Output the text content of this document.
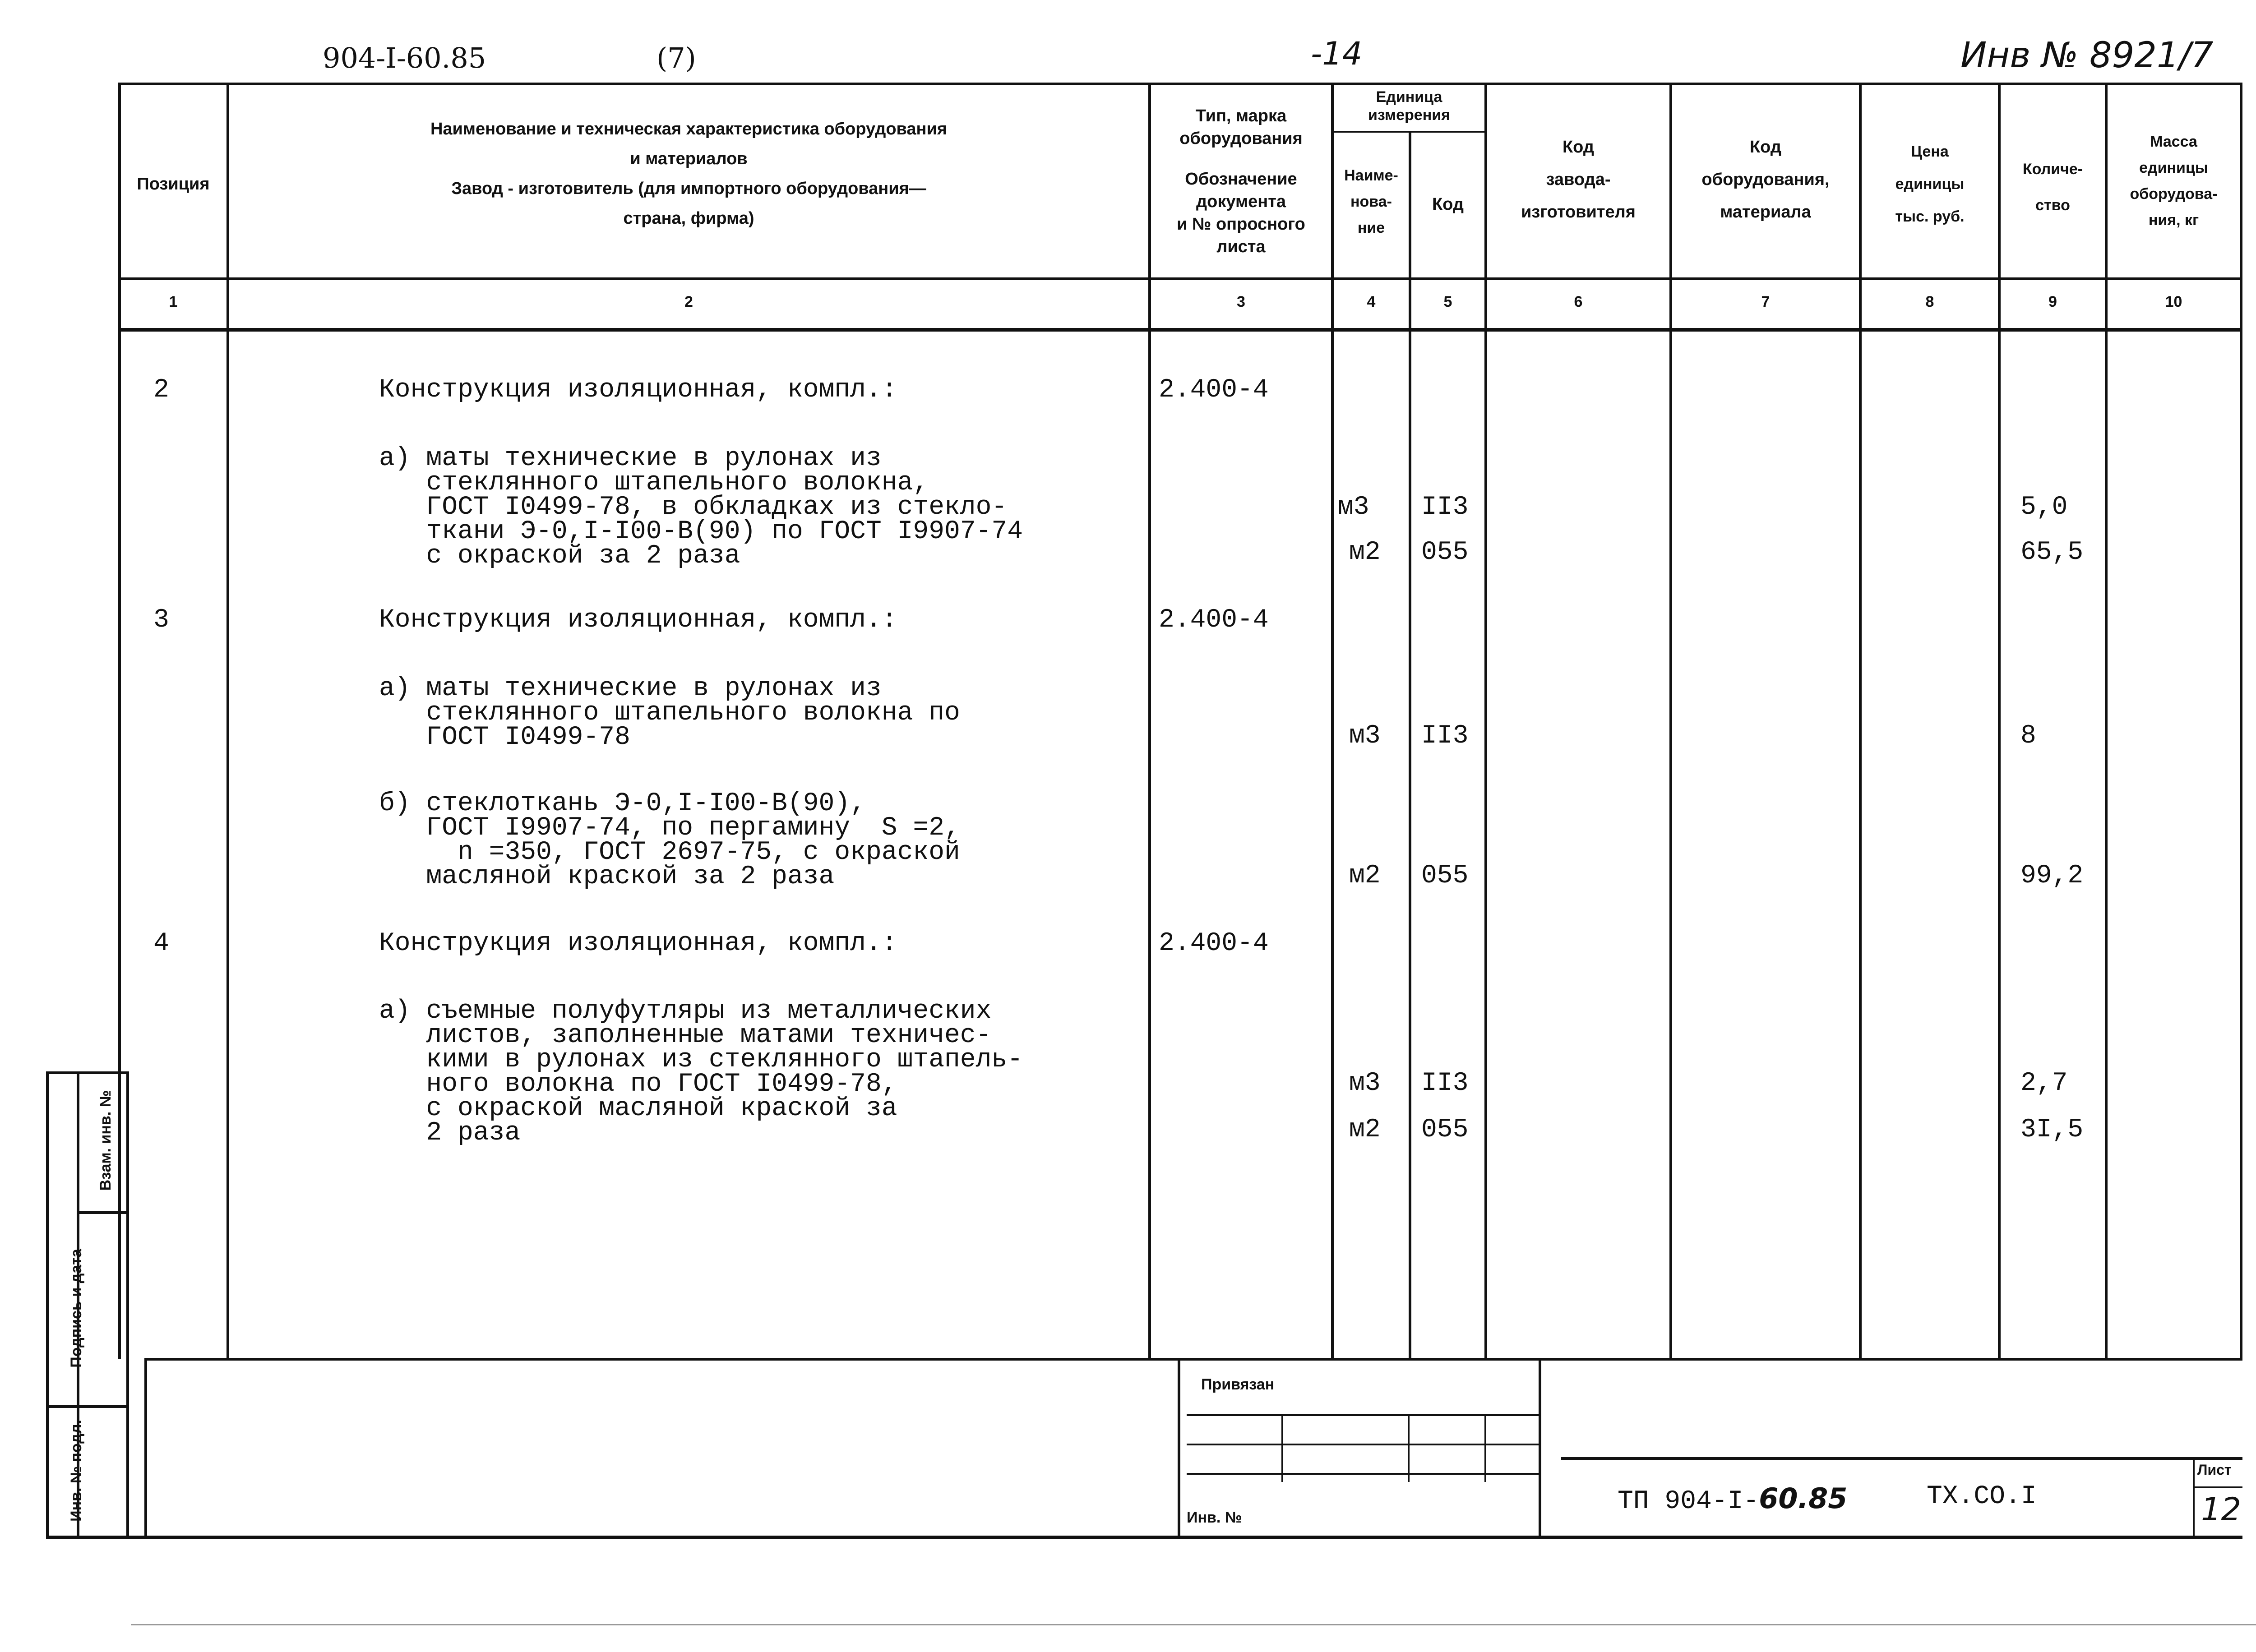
904-I-60.85	(7)	-14	Инв № 8921/7
Позиция
Наименование и техническая характеристика оборудования
и материалов
Завод - изготовитель (для импортного оборудования—
страна, фирма)
Тип, марка
оборудования
Обозначение
документа
и № опросного
листа
Единица
измерения
Наиме-
нова-
ние
Код
Код
завода-
изготовителя
Код
оборудования,
материала
Цена
единицы
тыс. руб.
Количе-
ство
Масса
единицы
оборудова-
ния, кг
1	2	3	4	5	6	7	8	9	10
2	Конструкция изоляционная, компл.:	2.400-4
а) маты технические в рулонах из
стеклянного штапельного волокна,
ГОСТ I0499-78, в обкладках из стекло-
ткани Э-0,I-I00-В(90) по ГОСТ I9907-74
с окраской за 2 раза
м3 II3	5,0
м2 055	65,5
3	Конструкция изоляционная, компл.:	2.400-4
а) маты технические в рулонах из
стеклянного штапельного волокна по
ГОСТ I0499-78	м3 II3	8
б) стеклоткань Э-0,I-I00-В(90),
ГОСТ I9907-74, по пергамину  S =2,
n =350, ГОСТ 2697-75, с окраской
масляной краской за 2 раза	м2 055	99,2
4	Конструкция изоляционная, компл.:	2.400-4
а) съемные полуфутляры из металлических
листов, заполненные матами техничес-
кими в рулонах из стеклянного штапель-
ного волокна по ГОСТ I0499-78,
с окраской масляной краской за
2 раза
м3 II3	2,7
м2 055	3I,5
Взам. инв. №
Подпись и дата
Инв. № подл.
Привязан
Инв. №
ТП 904-I-60.85	ТХ.СО.I
Лист
12
